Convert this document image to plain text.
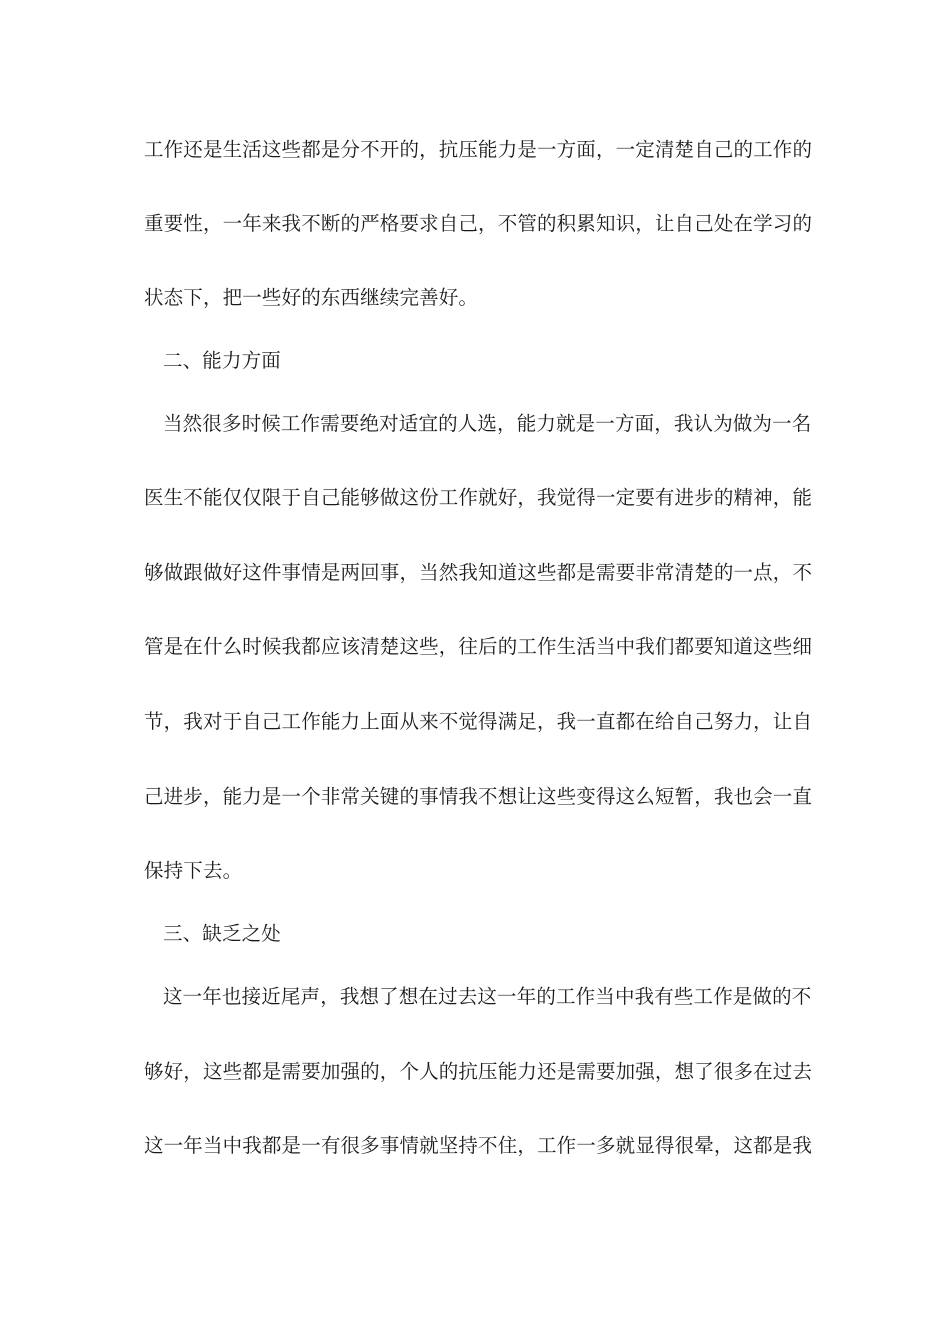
工作还是生活这些都是分不开的，抗压能力是一方面，一定清楚自己的工作的
重要性，一年来我不断的严格要求自己，不管的积累知识，让自己处在学习的
状态下，把一些好的东西继续完善好。
二、能力方面
当然很多时候工作需要绝对适宜的人选，能力就是一方面，我认为做为一名
医生不能仅仅限于自己能够做这份工作就好，我觉得一定要有进步的精神，能
够做跟做好这件事情是两回事，当然我知道这些都是需要非常清楚的一点，不
管是在什么时候我都应该清楚这些，往后的工作生活当中我们都要知道这些细
节，我对于自己工作能力上面从来不觉得满足，我一直都在给自己努力，让自
己进步，能力是一个非常关键的事情我不想让这些变得这么短暂，我也会一直
保持下去。
三、缺乏之处
这一年也接近尾声，我想了想在过去这一年的工作当中我有些工作是做的不
够好，这些都是需要加强的，个人的抗压能力还是需要加强，想了很多在过去
这一年当中我都是一有很多事情就坚持不住，工作一多就显得很晕，这都是我
